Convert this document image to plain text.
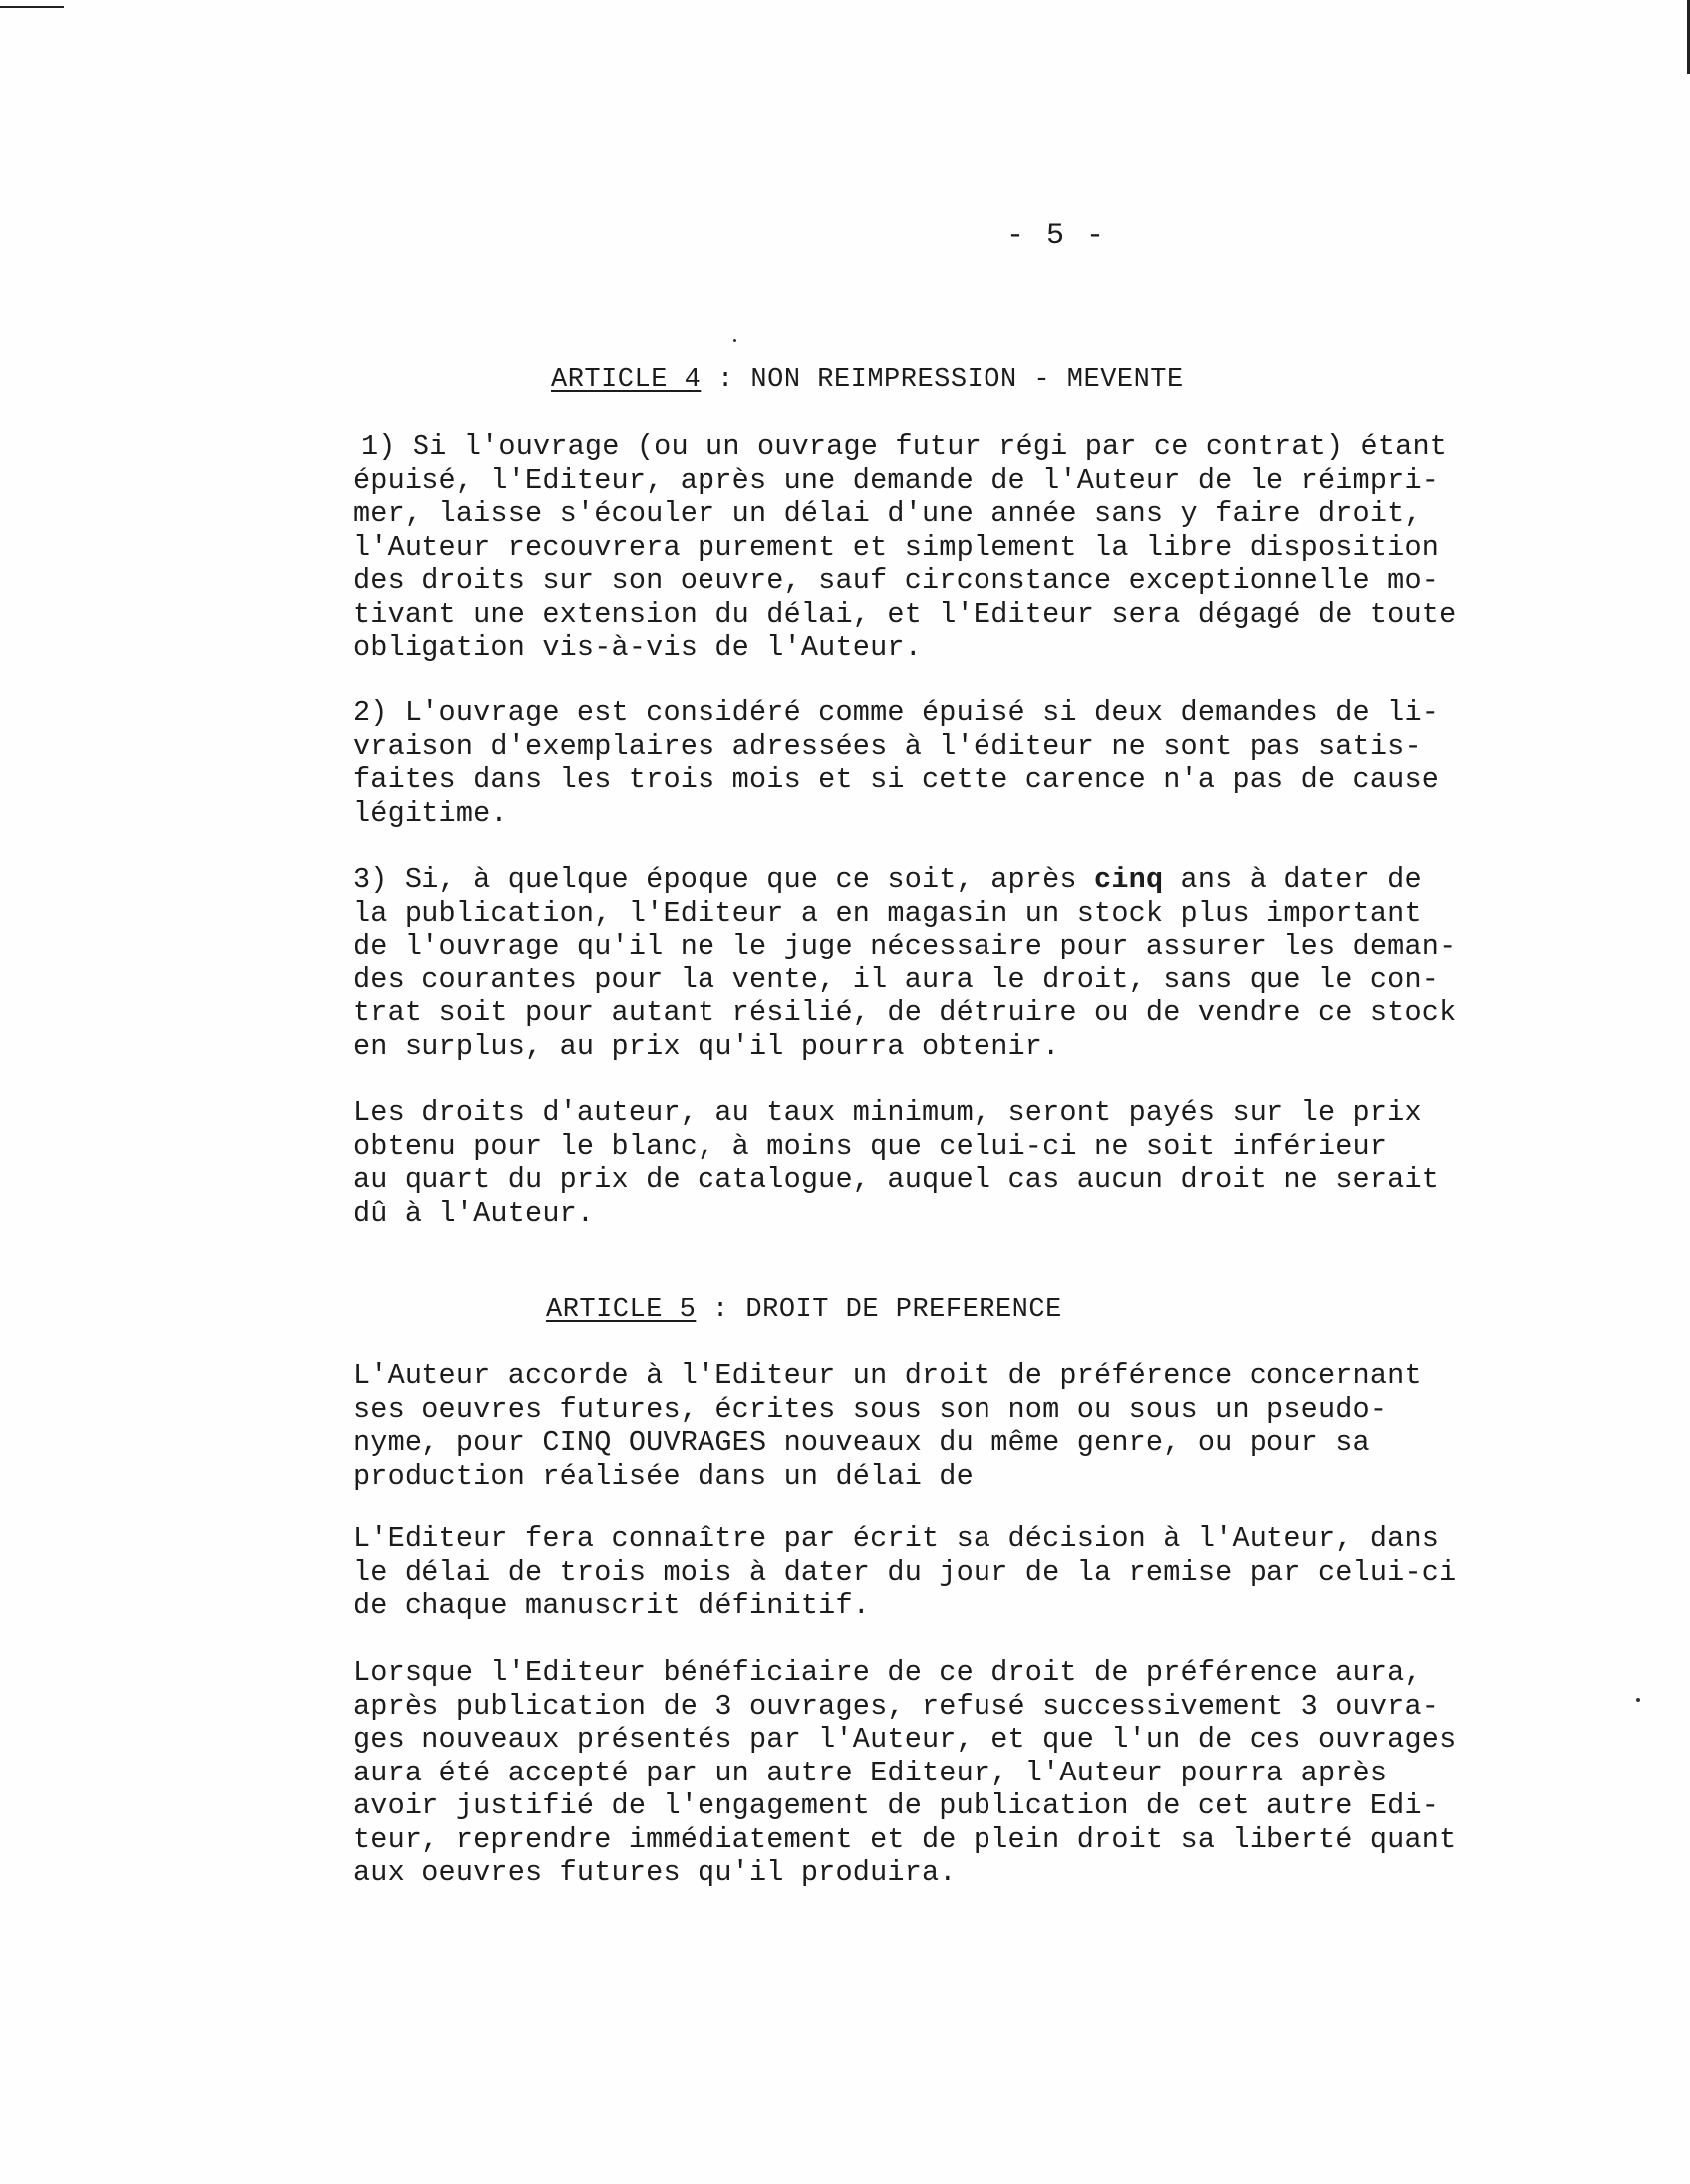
- 5 -
ARTICLE 4 : NON REIMPRESSION - MEVENTE
1) Si l'ouvrage (ou un ouvrage futur régi par ce contrat) étant
épuisé, l'Editeur, après une demande de l'Auteur de le réimpri-
mer, laisse s'écouler un délai d'une année sans y faire droit,
l'Auteur recouvrera purement et simplement la libre disposition
des droits sur son oeuvre, sauf circonstance exceptionnelle mo-
tivant une extension du délai, et l'Editeur sera dégagé de toute
obligation vis-à-vis de l'Auteur.
2) L'ouvrage est considéré comme épuisé si deux demandes de li-
vraison d'exemplaires adressées à l'éditeur ne sont pas satis-
faites dans les trois mois et si cette carence n'a pas de cause
légitime.
3) Si, à quelque époque que ce soit, après cinq ans à dater de
la publication, l'Editeur a en magasin un stock plus important
de l'ouvrage qu'il ne le juge nécessaire pour assurer les deman-
des courantes pour la vente, il aura le droit, sans que le con-
trat soit pour autant résilié, de détruire ou de vendre ce stock
en surplus, au prix qu'il pourra obtenir.
Les droits d'auteur, au taux minimum, seront payés sur le prix
obtenu pour le blanc, à moins que celui-ci ne soit inférieur
au quart du prix de catalogue, auquel cas aucun droit ne serait
dû à l'Auteur.
ARTICLE 5 : DROIT DE PREFERENCE
L'Auteur accorde à l'Editeur un droit de préférence concernant
ses oeuvres futures, écrites sous son nom ou sous un pseudo-
nyme, pour CINQ OUVRAGES nouveaux du même genre, ou pour sa
production réalisée dans un délai de
L'Editeur fera connaître par écrit sa décision à l'Auteur, dans
le délai de trois mois à dater du jour de la remise par celui-ci
de chaque manuscrit définitif.
Lorsque l'Editeur bénéficiaire de ce droit de préférence aura,
après publication de 3 ouvrages, refusé successivement 3 ouvra-
ges nouveaux présentés par l'Auteur, et que l'un de ces ouvrages
aura été accepté par un autre Editeur, l'Auteur pourra après
avoir justifié de l'engagement de publication de cet autre Edi-
teur, reprendre immédiatement et de plein droit sa liberté quant
aux oeuvres futures qu'il produira.
